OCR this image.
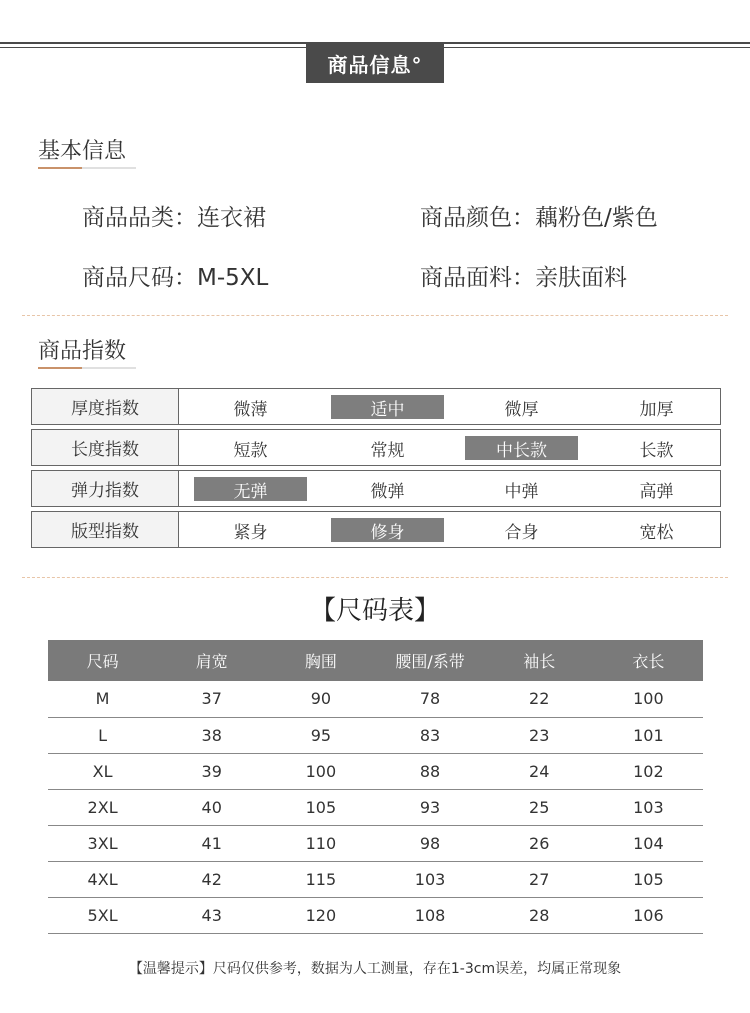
商品信息°
基本信息
商品品类：连衣裙	商品颜色：藕粉色/紫色
商品尺码：M-5XL	商品面料：亲肤面料
商品指数
厚度指数	微薄	适中	微厚	加厚
长度指数	短款	常规	中长款	长款
弹力指数	无弹	微弹	中弹	高弹
版型指数	紧身	修身	合身	宽松
【尺码表】
尺码	肩宽	胸围	腰围/系带	袖长	衣长
M	37	90	78	22	100
L	38	95	83	23	101
XL	39	100	88	24	102
2XL	40	105	93	25	103
3XL	41	110	98	26	104
4XL	42	115	103	27	105
5XL	43	120	108	28	106
【温馨提示】尺码仅供参考，数据为人工测量，存在1-3cm误差，均属正常现象
